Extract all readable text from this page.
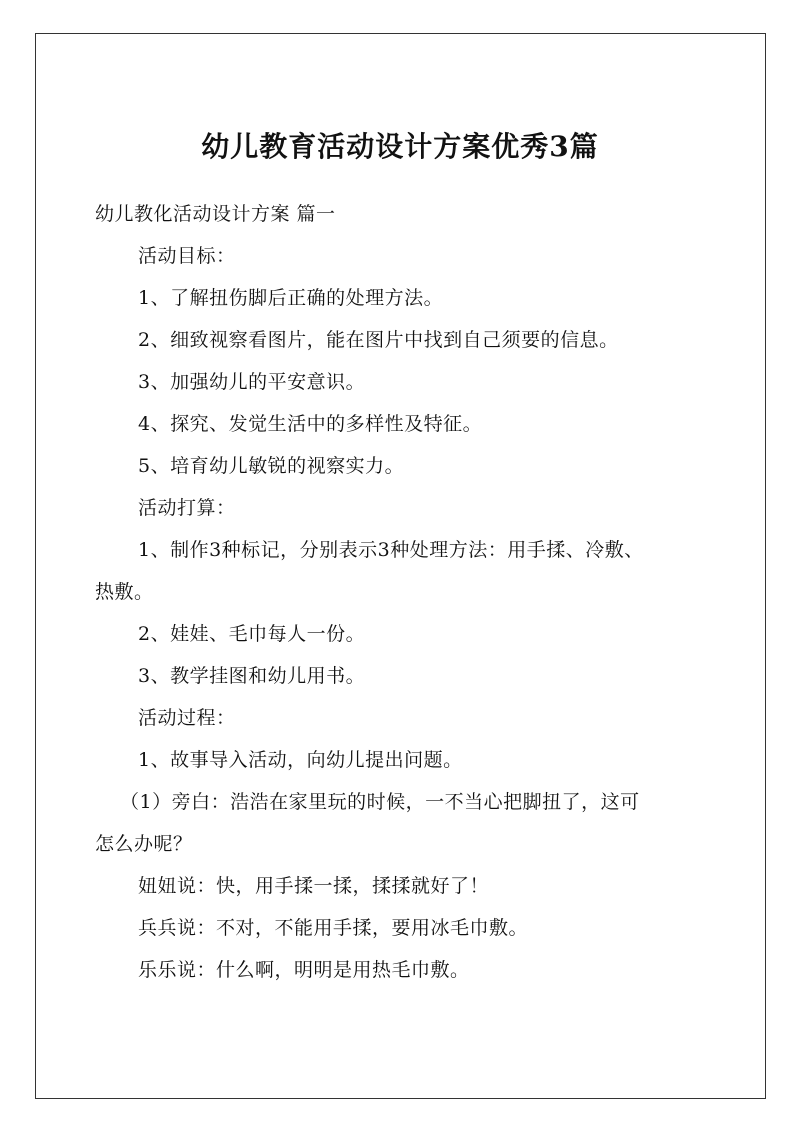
幼儿教育活动设计方案优秀3篇
幼儿教化活动设计方案 篇一
活动目标：
1、了解扭伤脚后正确的处理方法。
2、细致视察看图片，能在图片中找到自己须要的信息。
3、加强幼儿的平安意识。
4、探究、发觉生活中的多样性及特征。
5、培育幼儿敏锐的视察实力。
活动打算：
1、制作3种标记，分别表示3种处理方法：用手揉、冷敷、
热敷。
2、娃娃、毛巾每人一份。
3、教学挂图和幼儿用书。
活动过程：
1、故事导入活动，向幼儿提出问题。
（1）旁白：浩浩在家里玩的时候，一不当心把脚扭了，这可
怎么办呢？
妞妞说：快，用手揉一揉，揉揉就好了！
兵兵说：不对，不能用手揉，要用冰毛巾敷。
乐乐说：什么啊，明明是用热毛巾敷。
